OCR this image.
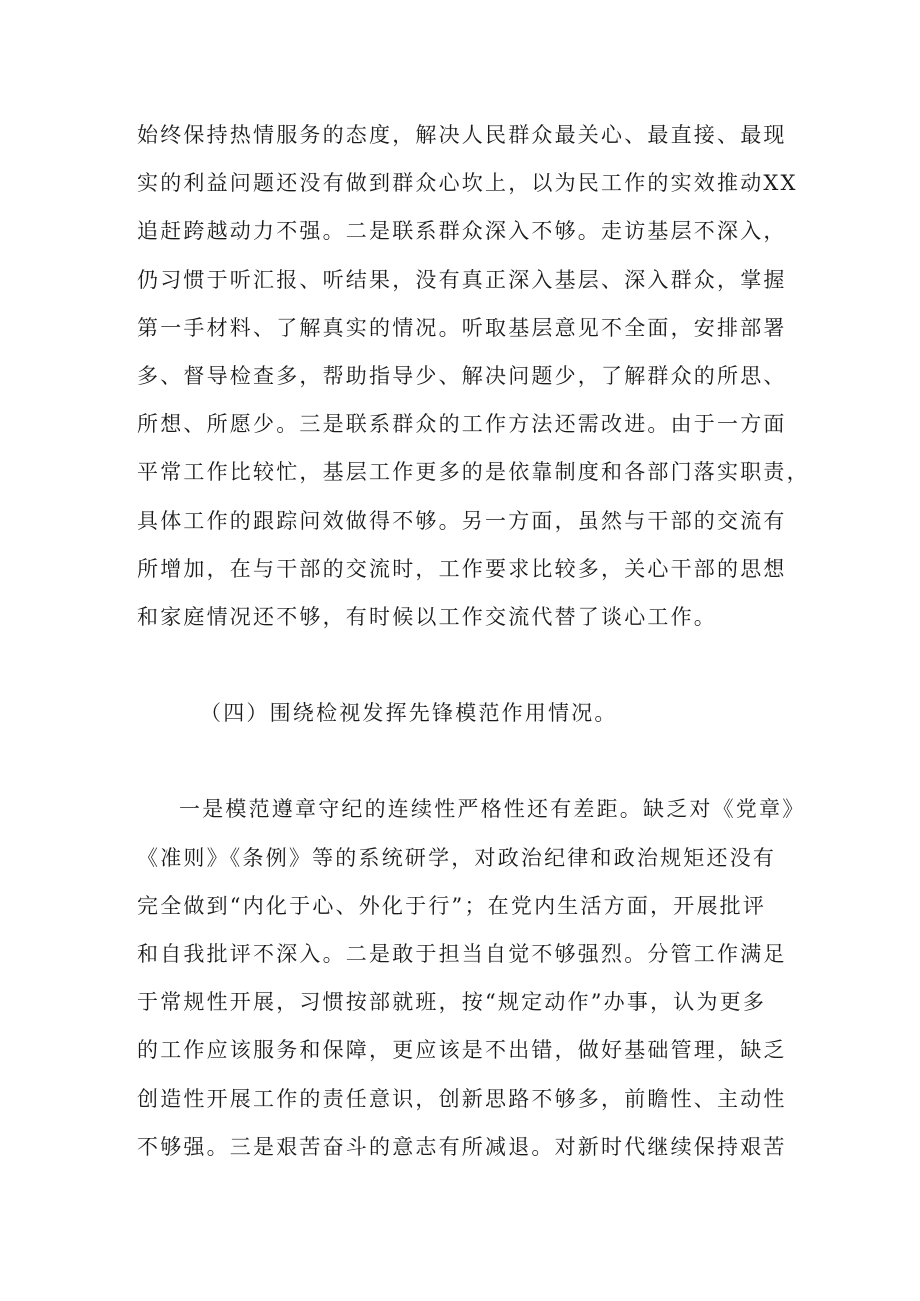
始终保持热情服务的态度，解决人民群众最关心、最直接、最现
实的利益问题还没有做到群众心坎上，以为民工作的实效推动XX
追赶跨越动力不强。二是联系群众深入不够。走访基层不深入，
仍习惯于听汇报、听结果，没有真正深入基层、深入群众，掌握
第一手材料、了解真实的情况。听取基层意见不全面，安排部署
多、督导检查多，帮助指导少、解决问题少，了解群众的所思、
所想、所愿少。三是联系群众的工作方法还需改进。由于一方面
平常工作比较忙，基层工作更多的是依靠制度和各部门落实职责，
具体工作的跟踪问效做得不够。另一方面，虽然与干部的交流有
所增加，在与干部的交流时，工作要求比较多，关心干部的思想
和家庭情况还不够，有时候以工作交流代替了谈心工作。
（四）围绕检视发挥先锋模范作用情况。
一是模范遵章守纪的连续性严格性还有差距。缺乏对《党章》
《准则》《条例》等的系统研学，对政治纪律和政治规矩还没有
完全做到“内化于心、外化于行”；在党内生活方面，开展批评
和自我批评不深入。二是敢于担当自觉不够强烈。分管工作满足
于常规性开展，习惯按部就班，按“规定动作”办事，认为更多
的工作应该服务和保障，更应该是不出错，做好基础管理，缺乏
创造性开展工作的责任意识，创新思路不够多，前瞻性、主动性
不够强。三是艰苦奋斗的意志有所减退。对新时代继续保持艰苦
